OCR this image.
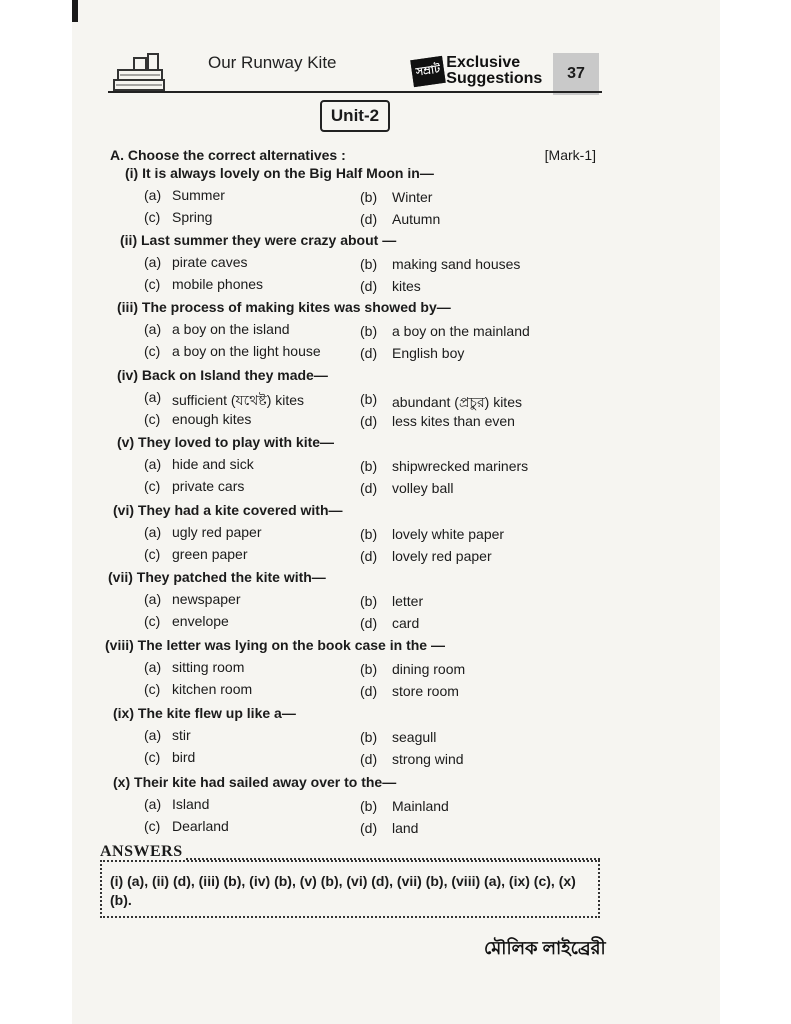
Our Runway Kite	সম্রাট Exclusive
Suggestions	37
Unit-2
A. Choose the correct alternatives :	[Mark-1]
(i) It is always lovely on the Big Half Moon in—
(a) Summer	(b) Winter
(c) Spring	(d) Autumn
(ii) Last summer they were crazy about —
(a) pirate caves	(b) making sand houses
(c) mobile phones	(d) kites
(iii) The process of making kites was showed by—
(a) a boy on the island	(b) a boy on the mainland
(c) a boy on the light house	(d) English boy
(iv) Back on Island they made—
(a) sufficient (যথেষ্ট) kites	(b) abundant (প্রচুর) kites
(c) enough kites	(d) less kites than even
(v) They loved to play with kite—
(a) hide and sick	(b) shipwrecked mariners
(c) private cars	(d) volley ball
(vi) They had a kite covered with—
(a) ugly red paper	(b) lovely white paper
(c) green paper	(d) lovely red paper
(vii) They patched the kite with—
(a) newspaper	(b) letter
(c) envelope	(d) card
(viii) The letter was lying on the book case in the —
(a) sitting room	(b) dining room
(c) kitchen room	(d) store room
(ix) The kite flew up like a—
(a) stir	(b) seagull
(c) bird	(d) strong wind
(x) Their kite had sailed away over to the—
(a) Island	(b) Mainland
(c) Dearland	(d) land
ANSWERS
(i) (a), (ii) (d), (iii) (b), (iv) (b), (v) (b), (vi) (d), (vii) (b), (viii) (a), (ix) (c), (x) (b).
মৌলিক লাইব্রেরী
